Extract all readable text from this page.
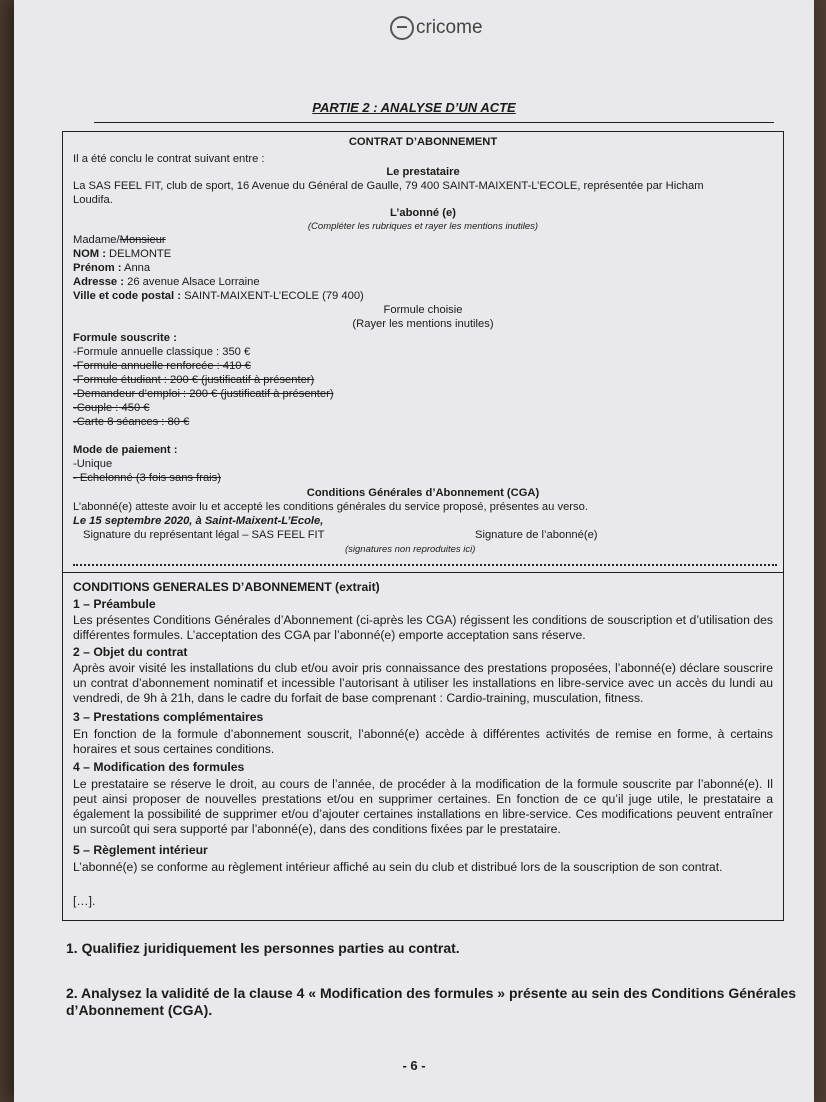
cricome
PARTIE 2 : ANALYSE D’UN ACTE
CONTRAT D’ABONNEMENT
Il a été conclu le contrat suivant entre :
Le prestataire
La SAS FEEL FIT, club de sport, 16 Avenue du Général de Gaulle, 79 400 SAINT-MAIXENT-L’ECOLE, représentée par Hicham
Loudifa.
L’abonné (e)
(Compléter les rubriques et rayer les mentions inutiles)
Madame/Monsieur
NOM : DELMONTE
Prénom : Anna
Adresse : 26 avenue Alsace Lorraine
Ville et code postal : SAINT-MAIXENT-L’ECOLE (79 400)
Formule choisie
(Rayer les mentions inutiles)
Formule souscrite :
-Formule annuelle classique : 350 €
-Formule annuelle renforcée : 410 €
-Formule étudiant : 200 € (justificatif à présenter)
-Demandeur d’emploi : 200 € (justificatif à présenter)
-Couple : 450 €
-Carte 8 séances : 80 €
Mode de paiement :
-Unique
- Echelonné (3 fois sans frais)
Conditions Générales d’Abonnement (CGA)
L’abonné(e) atteste avoir lu et accepté les conditions générales du service proposé, présentes au verso.
Le 15 septembre 2020, à Saint-Maixent-L’Ecole,
Signature du représentant légal – SAS FEEL FIT	Signature de l’abonné(e)
(signatures non reproduites ici)
CONDITIONS GENERALES D’ABONNEMENT (extrait)
1 – Préambule
Les présentes Conditions Générales d’Abonnement (ci-après les CGA) régissent les conditions de souscription et d’utilisation des différentes formules. L’acceptation des CGA par l’abonné(e) emporte acceptation sans réserve.
2 – Objet du contrat
Après avoir visité les installations du club et/ou avoir pris connaissance des prestations proposées, l’abonné(e) déclare souscrire un contrat d’abonnement nominatif et incessible l’autorisant à utiliser les installations en libre-service avec un accès du lundi au vendredi, de 9h à 21h, dans le cadre du forfait de base comprenant : Cardio-training, musculation, fitness.
3 – Prestations complémentaires
En fonction de la formule d’abonnement souscrit, l’abonné(e) accède à différentes activités de remise en forme, à certains horaires et sous certaines conditions.
4 – Modification des formules
Le prestataire se réserve le droit, au cours de l’année, de procéder à la modification de la formule souscrite par l’abonné(e). Il peut ainsi proposer de nouvelles prestations et/ou en supprimer certaines. En fonction de ce qu’il juge utile, le prestataire a également la possibilité de supprimer et/ou d’ajouter certaines installations en libre-service. Ces modifications peuvent entraîner un surcoût qui sera supporté par l’abonné(e), dans des conditions fixées par le prestataire.
5 – Règlement intérieur
L’abonné(e) se conforme au règlement intérieur affiché au sein du club et distribué lors de la souscription de son contrat.
[…].
1. Qualifiez juridiquement les personnes parties au contrat.
2. Analysez la validité de la clause 4 « Modification des formules » présente au sein des Conditions Générales d’Abonnement (CGA).
- 6 -
